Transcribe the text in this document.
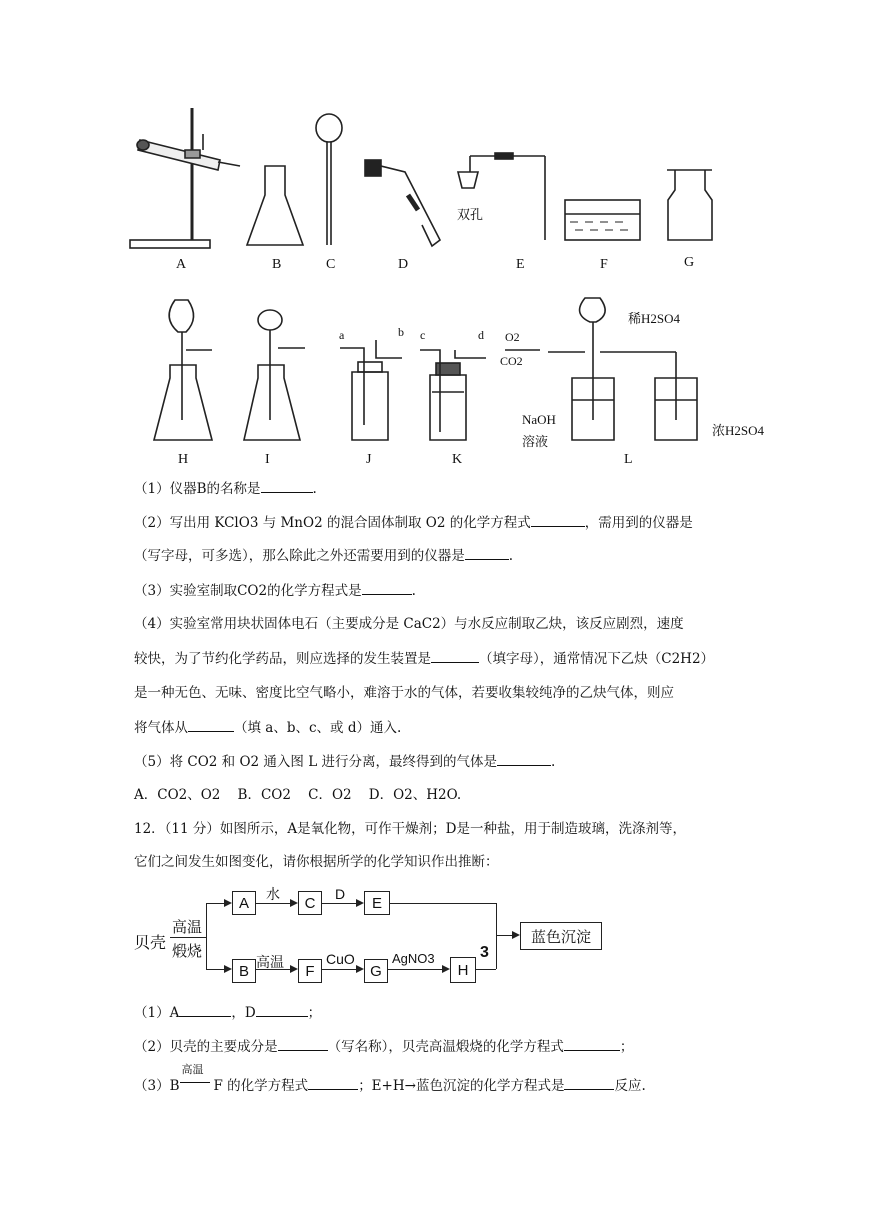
A	B	C	D
双孔
E	F	G
H	I	J	K	L
a	b c	d O2
CO2
稀H2SO4
NaOH
溶液
浓H2SO4
（1）仪器B的名称是	.
（2）写出用 KClO3 与 MnO2 的混合固体制取 O2 的化学方程式	，需用到的仪器是
（写字母，可多选），那么除此之外还需要用到的仪器是	.
（3）实验室制取CO2的化学方程式是	.
（4）实验室常用块状固体电石（主要成分是 CaC2）与水反应制取乙炔，该反应剧烈，速度
较快，为了节约化学药品，则应选择的发生装置是	（填字母），通常情况下乙炔（C2H2）
是一种无色、无味、密度比空气略小，难溶于水的气体，若要收集较纯净的乙炔气体，则应
将气体从	（填 a、b、c、或 d）通入.
（5）将 CO2 和 O2 通入图 L 进行分离，最终得到的气体是	.
A．CO2、O2    B．CO2    C．O2    D．O2、H2O.
12．（11 分）如图所示，A是氧化物，可作干燥剂；D是一种盐，用于制造玻璃，洗涤剂等，
它们之间发生如图变化，请你根据所学的化学知识作出推断：
贝壳
高温
煅烧
A
水
C
D
E
B
高温
F
CuO
G
AgNO3
H
3
蓝色沉淀
（1）A	，D	；
（2）贝壳的主要成分是	（写名称），贝壳高温煅烧的化学方程式	；
（3）B
高温
F 的化学方程式	；E+H→蓝色沉淀的化学方程式是	反应.
